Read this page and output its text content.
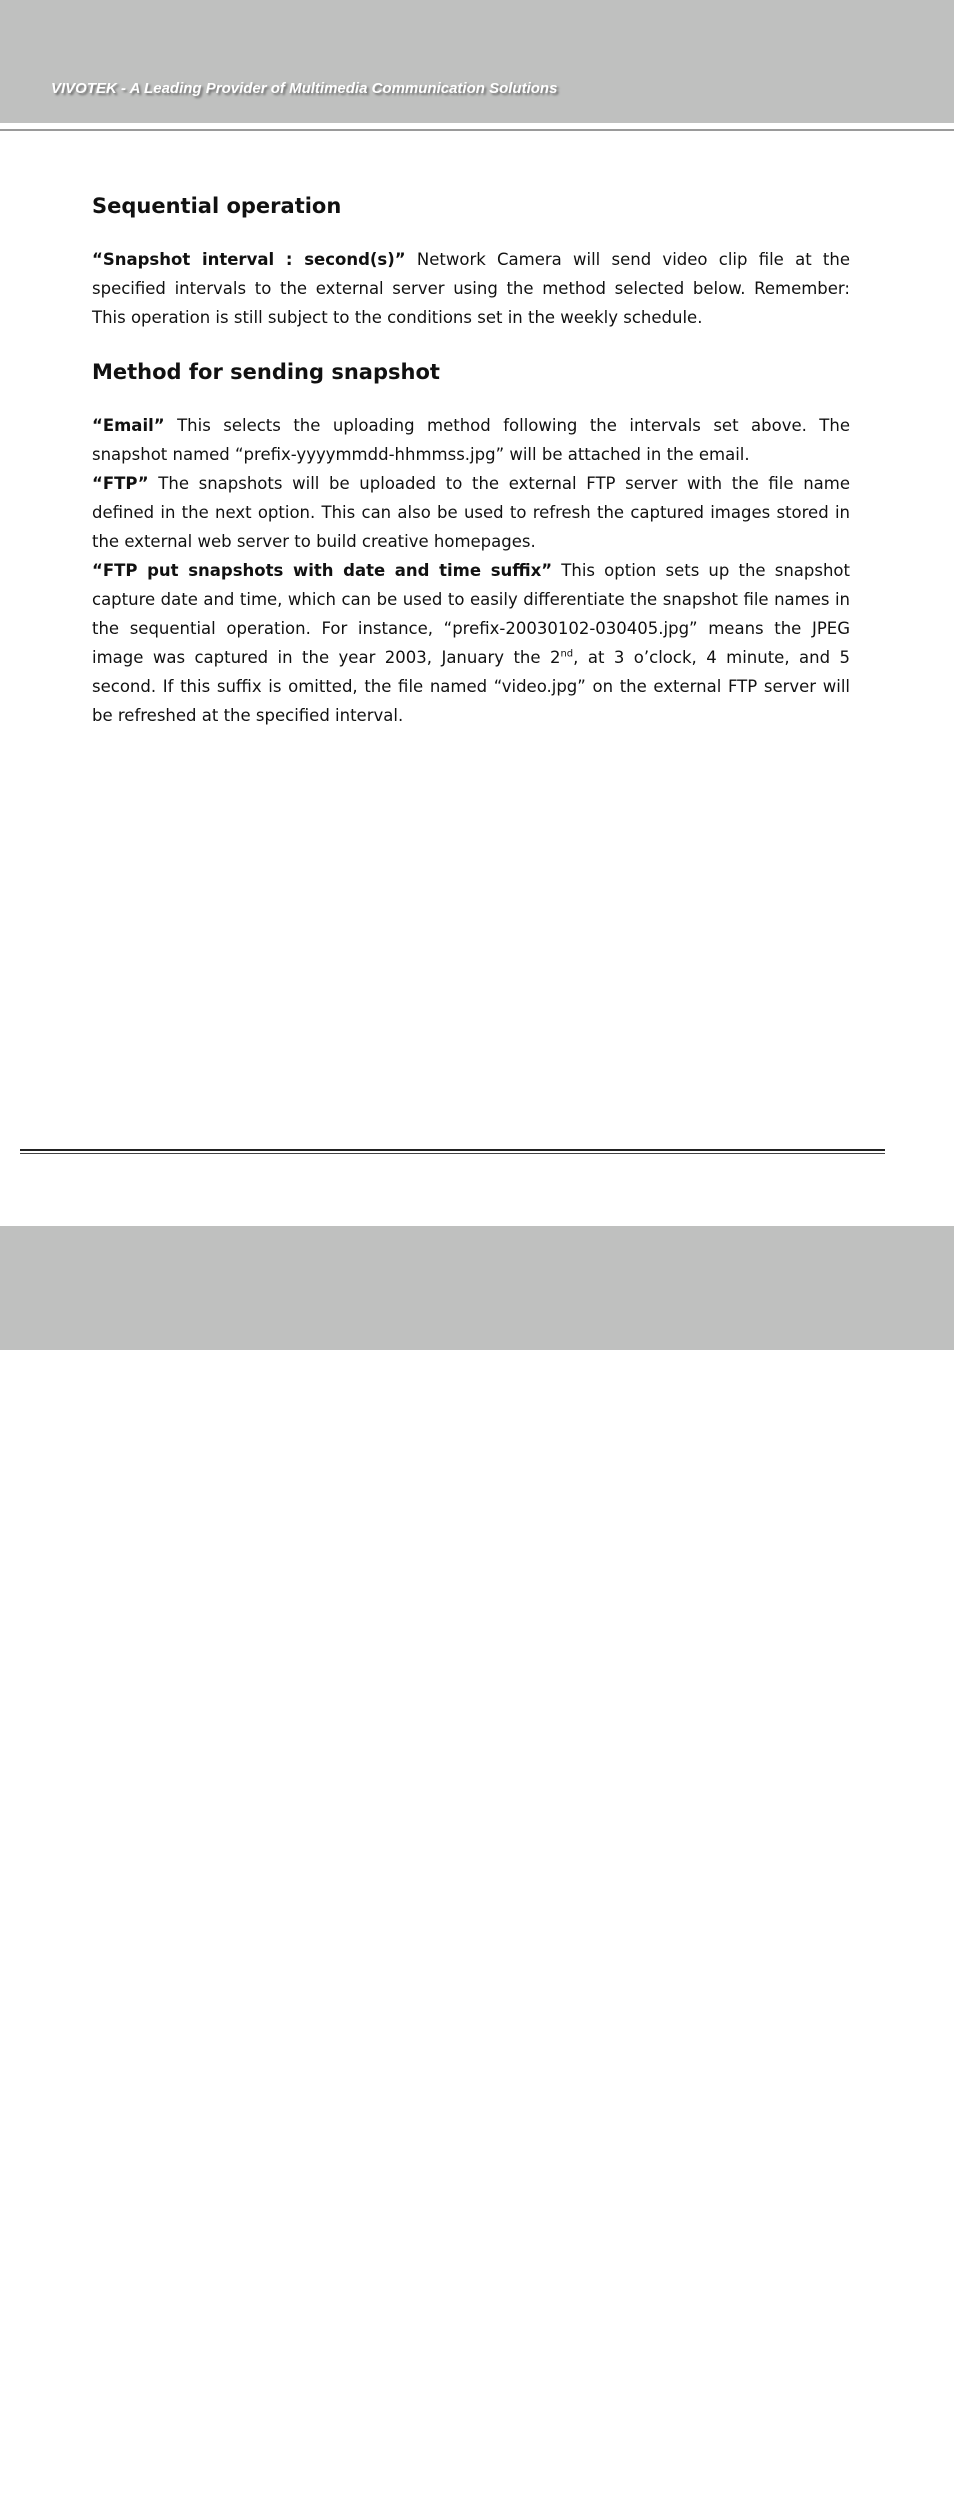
VIVOTEK - A Leading Provider of Multimedia Communication Solutions
Sequential operation

“Snapshot interval : second(s)” Network Camera will send video clip file at the specified intervals to the external server using the method selected below. Remember: This operation is still subject to the conditions set in the weekly schedule.

Method for sending snapshot

“Email” This selects the uploading method following the intervals set above. The snapshot named “prefix-yyyymmdd-hhmmss.jpg” will be attached in the email.

“FTP” The snapshots will be uploaded to the external FTP server with the file name defined in the next option. This can also be used to refresh the captured images stored in the external web server to build creative homepages.

“FTP put snapshots with date and time suffix” This option sets up the snapshot capture date and time, which can be used to easily differentiate the snapshot file names in the sequential operation. For instance, “prefix-20030102-030405.jpg” means the JPEG image was captured in the year 2003, January the 2nd, at 3 o’clock, 4 minute, and 5 second. If this suffix is omitted, the file named “video.jpg” on the external FTP server will be refreshed at the specified interval.

43 - User's Manual
